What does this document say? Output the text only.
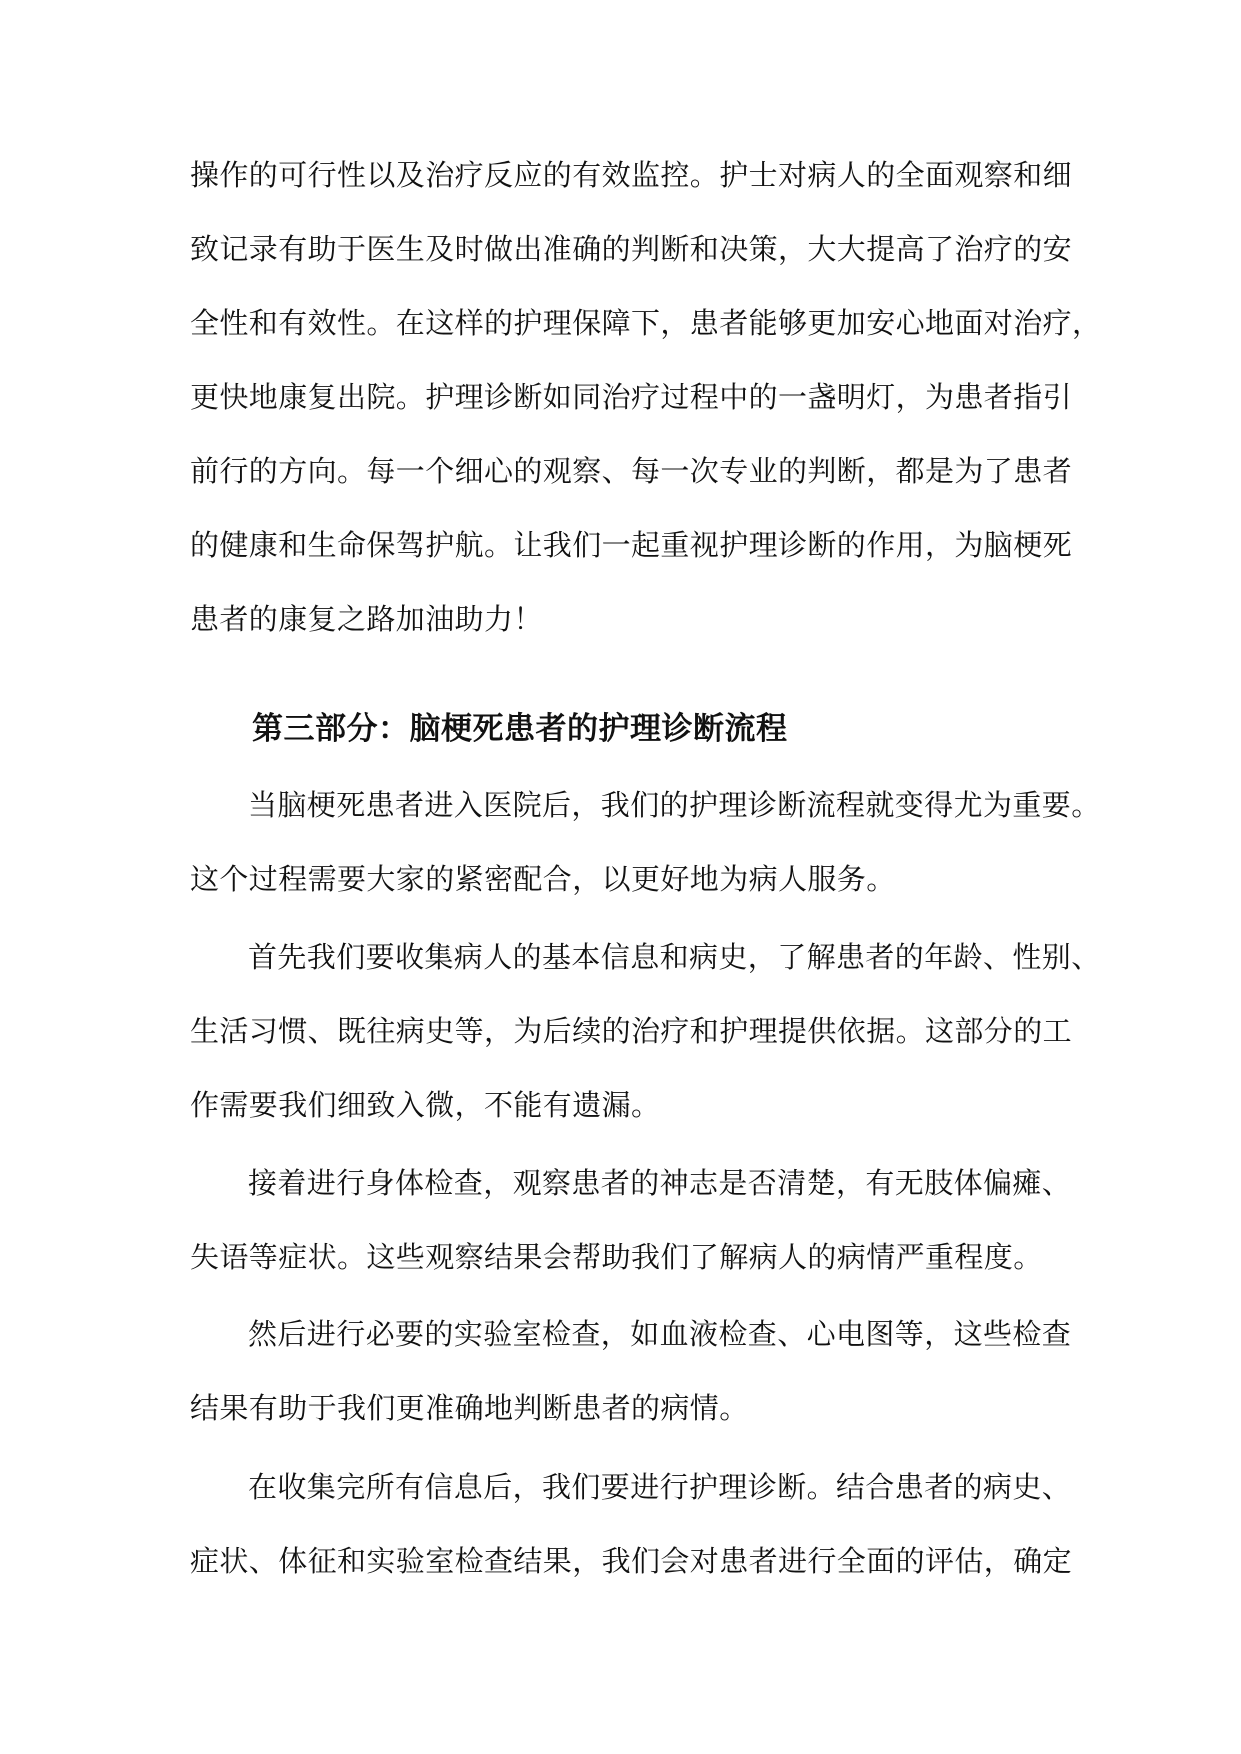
操作的可行性以及治疗反应的有效监控。护士对病人的全面观察和细
致记录有助于医生及时做出准确的判断和决策，大大提高了治疗的安
全性和有效性。在这样的护理保障下，患者能够更加安心地面对治疗，
更快地康复出院。护理诊断如同治疗过程中的一盏明灯，为患者指引
前行的方向。每一个细心的观察、每一次专业的判断，都是为了患者
的健康和生命保驾护航。让我们一起重视护理诊断的作用，为脑梗死
患者的康复之路加油助力！
第三部分：脑梗死患者的护理诊断流程
当脑梗死患者进入医院后，我们的护理诊断流程就变得尤为重要。
这个过程需要大家的紧密配合，以更好地为病人服务。
首先我们要收集病人的基本信息和病史，了解患者的年龄、性别、
生活习惯、既往病史等，为后续的治疗和护理提供依据。这部分的工
作需要我们细致入微，不能有遗漏。
接着进行身体检查，观察患者的神志是否清楚，有无肢体偏瘫、
失语等症状。这些观察结果会帮助我们了解病人的病情严重程度。
然后进行必要的实验室检查，如血液检查、心电图等，这些检查
结果有助于我们更准确地判断患者的病情。
在收集完所有信息后，我们要进行护理诊断。结合患者的病史、
症状、体征和实验室检查结果，我们会对患者进行全面的评估，确定
